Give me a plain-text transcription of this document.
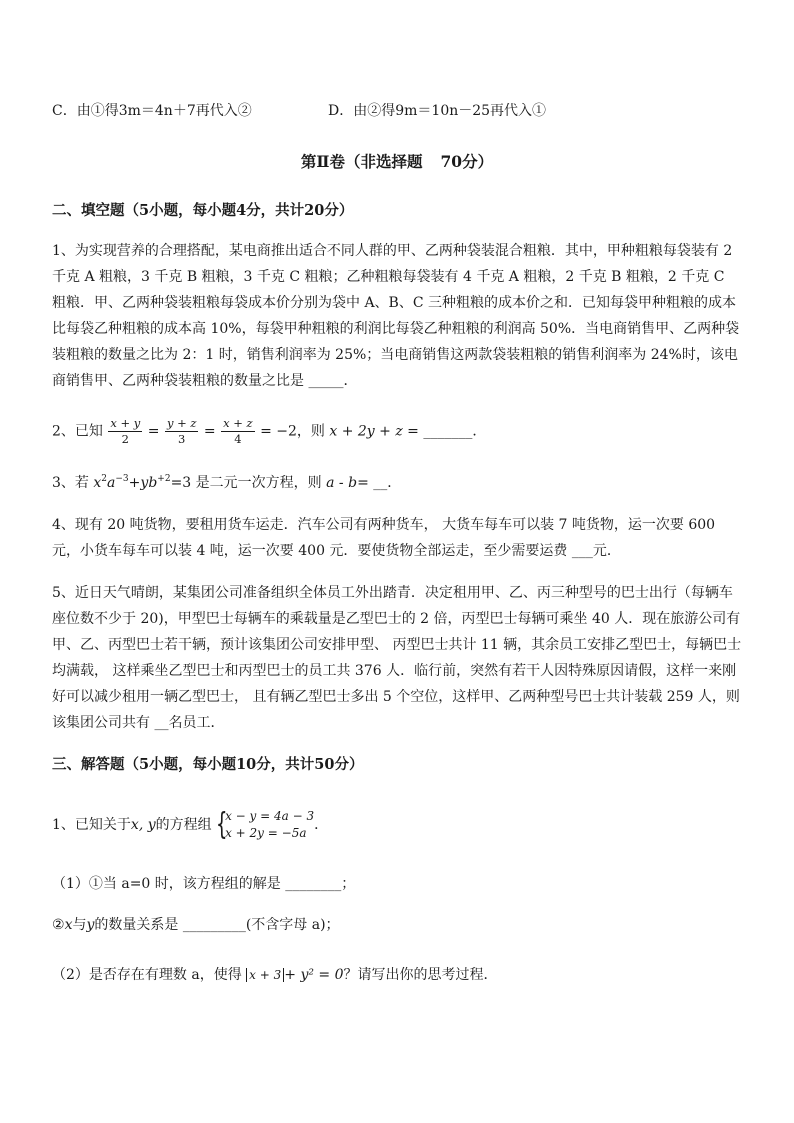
C．由①得3m＝4n＋7再代入②	D．由②得9m＝10n－25再代入①
第Ⅱ卷（非选择题 70分）
二、填空题（5小题，每小题4分，共计20分）
1、为实现营养的合理搭配，某电商推出适合不同人群的甲、乙两种袋装混合粗粮．其中，甲种粗粮每袋装有 2 千克 A 粗粮，3 千克 B 粗粮，3 千克 C 粗粮；乙种粗粮每袋装有 4 千克 A 粗粮，2 千克 B 粗粮，2 千克 C 粗粮．甲、乙两种袋装粗粮每袋成本价分别为袋中 A、B、C 三种粗粮的成本价之和．已知每袋甲种粗粮的成本比每袋乙种粗粮的成本高 10%，每袋甲种粗粮的利润比每袋乙种粗粮的利润高 50%．当电商销售甲、乙两种袋装粗粮的数量之比为 2：1 时，销售利润率为 25%；当电商销售这两款袋装粗粮的销售利润率为 24%时，该电商销售甲、乙两种袋装粗粮的数量之比是 _____．
2、已知 $\frac{x + y}{2} = \frac{y + z}{3} = \frac{x + z}{4} = -2$，则 x + 2y + z = _______．
3、若 $x^2a^{-3}+yb^{+2}=3$ 是二元一次方程，则 a - b= __．
4、现有 20 吨货物，要租用货车运走．汽车公司有两种货车， 大货车每车可以装 7 吨货物，运一次要 600 元，小货车每车可以装 4 吨，运一次要 400 元．要使货物全部运走，至少需要运费 ___元．
5、近日天气晴朗，某集团公司准备组织全体员工外出踏青．决定租用甲、乙、丙三种型号的巴士出行（每辆车座位数不少于 20)，甲型巴士每辆车的乘载量是乙型巴士的 2 倍，丙型巴士每辆可乘坐 40 人．现在旅游公司有甲、乙、丙型巴士若干辆，预计该集团公司安排甲型、 丙型巴士共计 11 辆，其余员工安排乙型巴士，每辆巴士均满载， 这样乘坐乙型巴士和丙型巴士的员工共 376 人．临行前，突然有若干人因特殊原因请假，这样一来刚好可以减少租用一辆乙型巴士， 且有辆乙型巴士多出 5 个空位，这样甲、乙两种型号巴士共计装载 259 人，则该集团公司共有 __名员工．
三、解答题（5小题，每小题10分，共计50分）
1、已知关于x, y的方程组 {
x − y = 4a − 3
x + 2y = −5a ．
（1）①当 a=0 时，该方程组的解是 ________；
②x与y的数量关系是 _________(不含字母 a)；
（2）是否存在有理数 a，使得 x + 3 + y² = 0？请写出你的思考过程．
